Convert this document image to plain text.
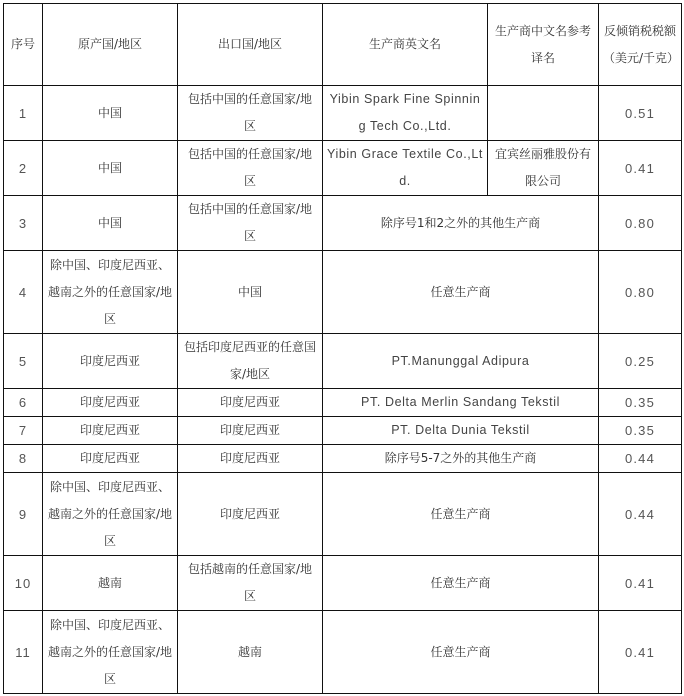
序号	原产国/地区	出口国/地区	生产商英文名	生产商中文名参考译名	反倾销税税额（美元/千克）
1	中国	包括中国的任意国家/地区	Yibin Spark Fine Spinning Tech Co.,Ltd.		0.51
2	中国	包括中国的任意国家/地区	Yibin Grace Textile Co.,Ltd.	宜宾丝丽雅股份有限公司	0.41
3	中国	包括中国的任意国家/地区	除序号1和2之外的其他生产商		0.80
4	除中国、印度尼西亚、越南之外的任意国家/地区	中国	任意生产商		0.80
5	印度尼西亚	包括印度尼西亚的任意国家/地区	PT.Manunggal Adipura		0.25
6	印度尼西亚	印度尼西亚	PT. Delta Merlin Sandang Tekstil		0.35
7	印度尼西亚	印度尼西亚	PT. Delta Dunia Tekstil		0.35
8	印度尼西亚	印度尼西亚	除序号5-7之外的其他生产商		0.44
9	除中国、印度尼西亚、越南之外的任意国家/地区	印度尼西亚	任意生产商		0.44
10	越南	包括越南的任意国家/地区	任意生产商		0.41
11	除中国、印度尼西亚、越南之外的任意国家/地区	越南	任意生产商		0.41
